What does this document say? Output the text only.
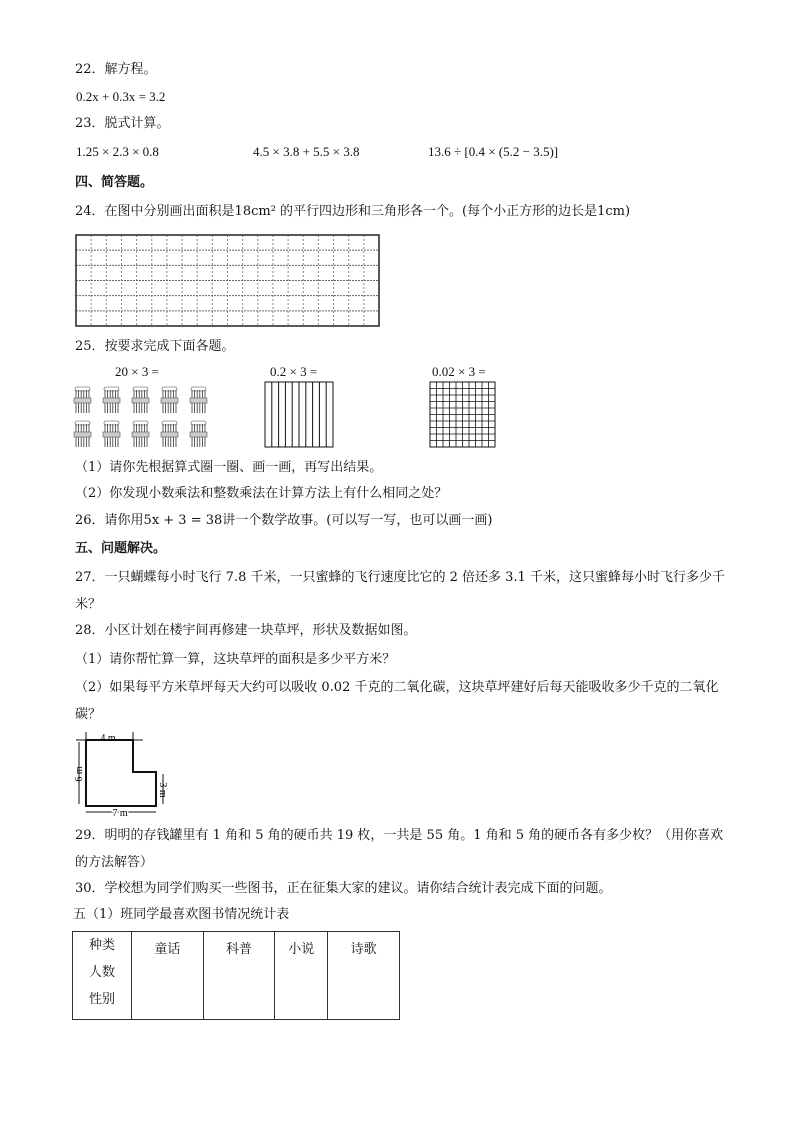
22．解方程。
0.2x + 0.3x = 3.2
23．脱式计算。
1.25 × 2.3 × 0.8	4.5 × 3.8 + 5.5 × 3.8	13.6 ÷ [0.4 × (5.2 − 3.5)]
四、简答题。
24．在图中分别画出面积是18cm² 的平行四边形和三角形各一个。(每个小正方形的边长是1cm)
25．按要求完成下面各题。
20 × 3 =	0.2 × 3 =	0.02 × 3 =
（1）请你先根据算式圈一圈、画一画，再写出结果。
（2）你发现小数乘法和整数乘法在计算方法上有什么相同之处？
26．请你用5x + 3 = 38讲一个数学故事。(可以写一写，也可以画一画)
五、问题解决。
27．一只蝴蝶每小时飞行 7.8 千米，一只蜜蜂的飞行速度比它的 2 倍还多 3.1 千米，这只蜜蜂每小时飞行多少千米？
28．小区计划在楼宇间再修建一块草坪，形状及数据如图。
（1）请你帮忙算一算，这块草坪的面积是多少平方米？
（2）如果每平方米草坪每天大约可以吸收 0.02 千克的二氧化碳，这块草坪建好后每天能吸收多少千克的二氧化碳？
4 m
6 m
3 m
7 m
29．明明的存钱罐里有 1 角和 5 角的硬币共 19 枚，一共是 55 角。1 角和 5 角的硬币各有多少枚？（用你喜欢的方法解答）
30．学校想为同学们购买一些图书，正在征集大家的建议。请你结合统计表完成下面的问题。
五（1）班同学最喜欢图书情况统计表
种类
人数
性别
	童话	科普	小说	诗歌
